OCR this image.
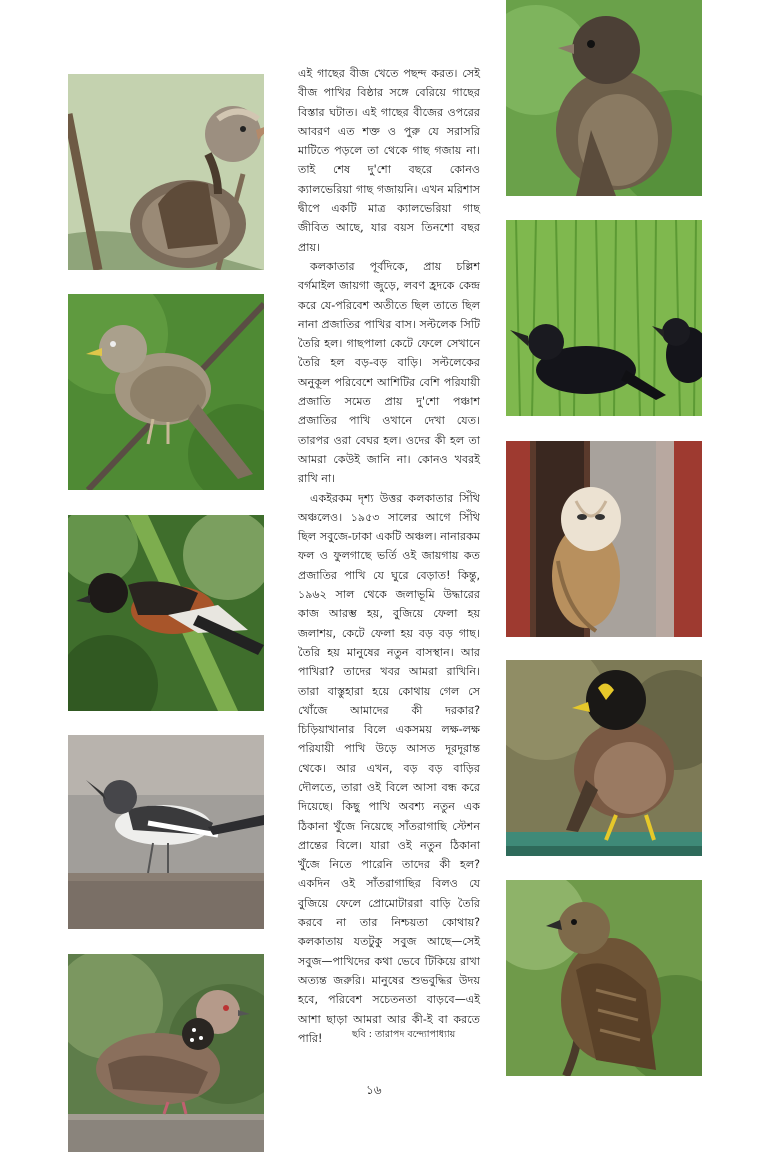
এই গাছের বীজ খেতে পছন্দ করত। সেই বীজ পাখির বিষ্ঠার সঙ্গে বেরিয়ে গাছের বিস্তার ঘটাত। এই গাছের বীজের ওপরের আবরণ এত শক্ত ও পুরু যে সরাসরি মাটিতে পড়লে তা থেকে গাছ গজায় না। তাই শেষ দু'শো বছরে কোনও ক্যালভেরিয়া গাছ গজায়নি। এখন মরিশাস দ্বীপে একটি মাত্র ক্যালভেরিয়া গাছ জীবিত আছে, যার বয়স তিনশো বছর প্রায়।

কলকাতার পূর্বদিকে, প্রায় চল্লিশ বর্গমাইল জায়গা জুড়ে, লবণ হ্রদকে কেন্দ্র করে যে-পরিবেশ অতীতে ছিল তাতে ছিল নানা প্রজাতির পাখির বাস। সল্টলেক সিটি তৈরি হল। গাছপালা কেটে ফেলে সেখানে তৈরি হল বড়-বড় বাড়ি। সল্টলেকের অনুকূল পরিবেশে আশিটির বেশি পরিযায়ী প্রজাতি সমেত প্রায় দু'শো পঞ্চাশ প্রজাতির পাখি ওখানে দেখা যেত। তারপর ওরা বেঘর হল। ওদের কী হল তা আমরা কেউই জানি না। কোনও খবরই রাখি না।

একইরকম দৃশ্য উত্তর কলকাতার সিঁথি অঞ্চলেও। ১৯৫৩ সালের আগে সিঁথি ছিল সবুজে-ঢাকা একটি অঞ্চল। নানারকম ফল ও ফুলগাছে ভর্তি ওই জায়গায় কত প্রজাতির পাখি যে ঘুরে বেড়াত! কিন্তু, ১৯৬২ সাল থেকে জলাভূমি উদ্ধারের কাজ আরম্ভ হয়, বুজিয়ে ফেলা হয় জলাশয়, কেটে ফেলা হয় বড় বড় গাছ। তৈরি হয় মানুষের নতুন বাসস্থান। আর পাখিরা? তাদের খবর আমরা রাখিনি। তারা বাস্তুহারা হয়ে কোথায় গেল সে খোঁজে আমাদের কী দরকার? চিড়িয়াখানার বিলে একসময় লক্ষ-লক্ষ পরিযায়ী পাখি উড়ে আসত দূরদূরান্ত থেকে। আর এখন, বড় বড় বাড়ির দৌলতে, তারা ওই বিলে আসা বন্ধ করে দিয়েছে। কিছু পাখি অবশ্য নতুন এক ঠিকানা খুঁজে নিয়েছে সাঁতরাগাছি স্টেশন প্রান্তের বিলে। যারা ওই নতুন ঠিকানা খুঁজে নিতে পারেনি তাদের কী হল? একদিন ওই সাঁতরাগাছির বিলও যে বুজিয়ে ফেলে প্রোমোটাররা বাড়ি তৈরি করবে না তার নিশ্চয়তা কোথায়? কলকাতায় যতটুকু সবুজ আছে—সেই সবুজ—পাখিদের কথা ভেবে টিকিয়ে রাখা অত্যন্ত জরুরি। মানুষের শুভবুদ্ধির উদয় হবে, পরিবেশ সচেতনতা বাড়বে—এই আশা ছাড়া আমরা আর কী-ই বা করতে পারি!	ছবি : তারাপদ বন্দ্যোপাধ্যায়
১৬
